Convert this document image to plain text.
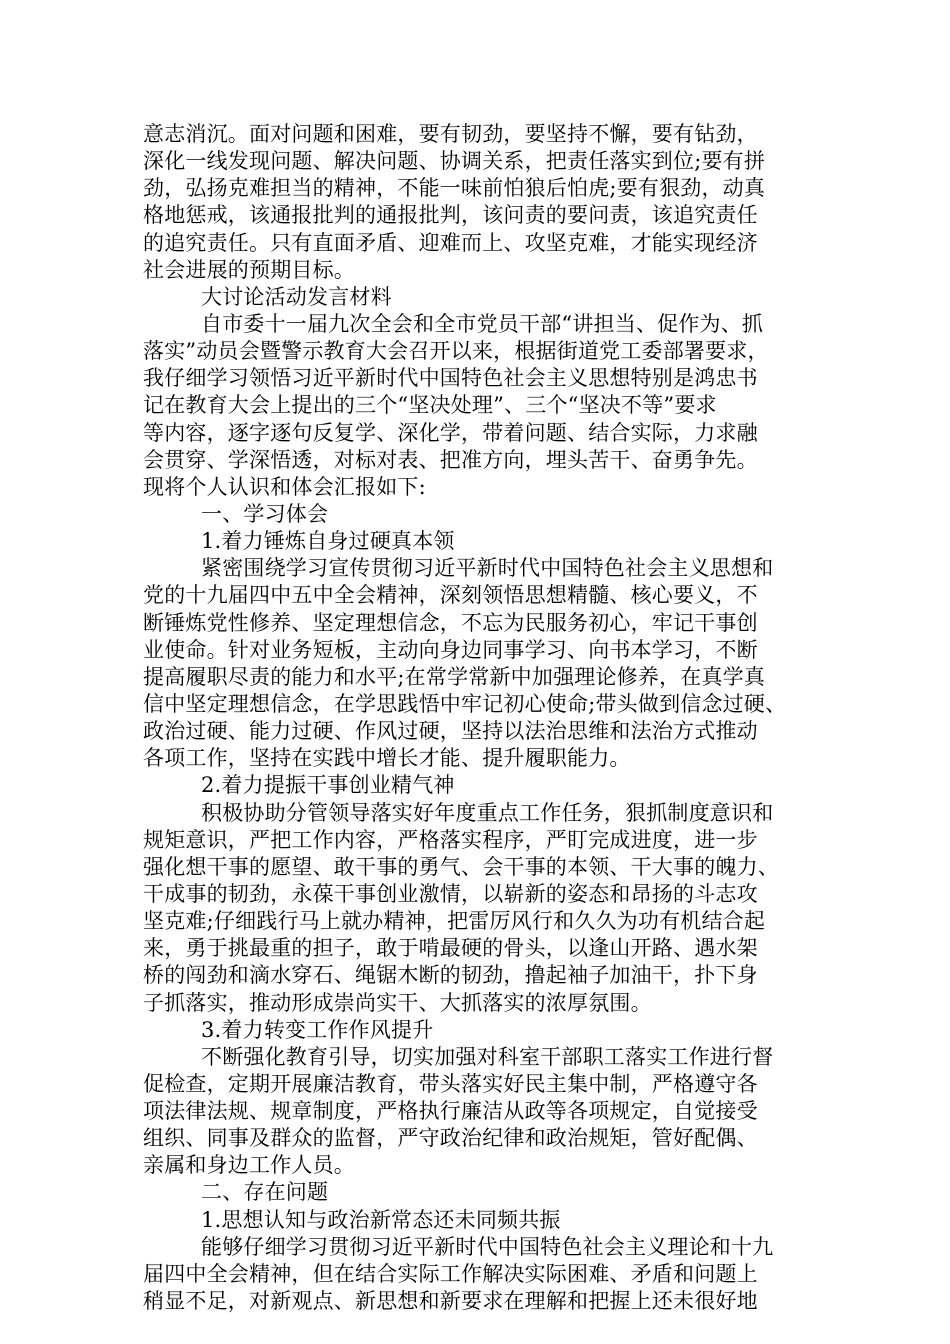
意志消沉。面对问题和困难，要有韧劲，要坚持不懈，要有钻劲，
深化一线发现问题、解决问题、协调关系，把责任落实到位;要有拼
劲，弘扬克难担当的精神，不能一味前怕狼后怕虎;要有狠劲，动真
格地惩戒，该通报批判的通报批判，该问责的要问责，该追究责任
的追究责任。只有直面矛盾、迎难而上、攻坚克难，才能实现经济
社会进展的预期目标。
大讨论活动发言材料
自市委十一届九次全会和全市党员干部“讲担当、促作为、抓
落实”动员会暨警示教育大会召开以来，根据街道党工委部署要求，
我仔细学习领悟习近平新时代中国特色社会主义思想特别是鸿忠书
记在教育大会上提出的三个“坚决处理”、三个“坚决不等”要求
等内容，逐字逐句反复学、深化学，带着问题、结合实际，力求融
会贯穿、学深悟透，对标对表、把准方向，埋头苦干、奋勇争先。
现将个人认识和体会汇报如下:
一、学习体会
1.着力锤炼自身过硬真本领
紧密围绕学习宣传贯彻习近平新时代中国特色社会主义思想和
党的十九届四中五中全会精神，深刻领悟思想精髓、核心要义，不
断锤炼党性修养、坚定理想信念，不忘为民服务初心，牢记干事创
业使命。针对业务短板，主动向身边同事学习、向书本学习，不断
提高履职尽责的能力和水平;在常学常新中加强理论修养，在真学真
信中坚定理想信念，在学思践悟中牢记初心使命;带头做到信念过硬、
政治过硬、能力过硬、作风过硬，坚持以法治思维和法治方式推动
各项工作，坚持在实践中增长才能、提升履职能力。
2.着力提振干事创业精气神
积极协助分管领导落实好年度重点工作任务，狠抓制度意识和
规矩意识，严把工作内容，严格落实程序，严盯完成进度，进一步
强化想干事的愿望、敢干事的勇气、会干事的本领、干大事的魄力、
干成事的韧劲，永葆干事创业激情，以崭新的姿态和昂扬的斗志攻
坚克难;仔细践行马上就办精神，把雷厉风行和久久为功有机结合起
来，勇于挑最重的担子，敢于啃最硬的骨头，以逢山开路、遇水架
桥的闯劲和滴水穿石、绳锯木断的韧劲，撸起袖子加油干，扑下身
子抓落实，推动形成崇尚实干、大抓落实的浓厚氛围。
3.着力转变工作作风提升
不断强化教育引导，切实加强对科室干部职工落实工作进行督
促检查，定期开展廉洁教育，带头落实好民主集中制，严格遵守各
项法律法规、规章制度，严格执行廉洁从政等各项规定，自觉接受
组织、同事及群众的监督，严守政治纪律和政治规矩，管好配偶、
亲属和身边工作人员。
二、存在问题
1.思想认知与政治新常态还未同频共振
能够仔细学习贯彻习近平新时代中国特色社会主义理论和十九
届四中全会精神，但在结合实际工作解决实际困难、矛盾和问题上
稍显不足，对新观点、新思想和新要求在理解和把握上还未很好地
